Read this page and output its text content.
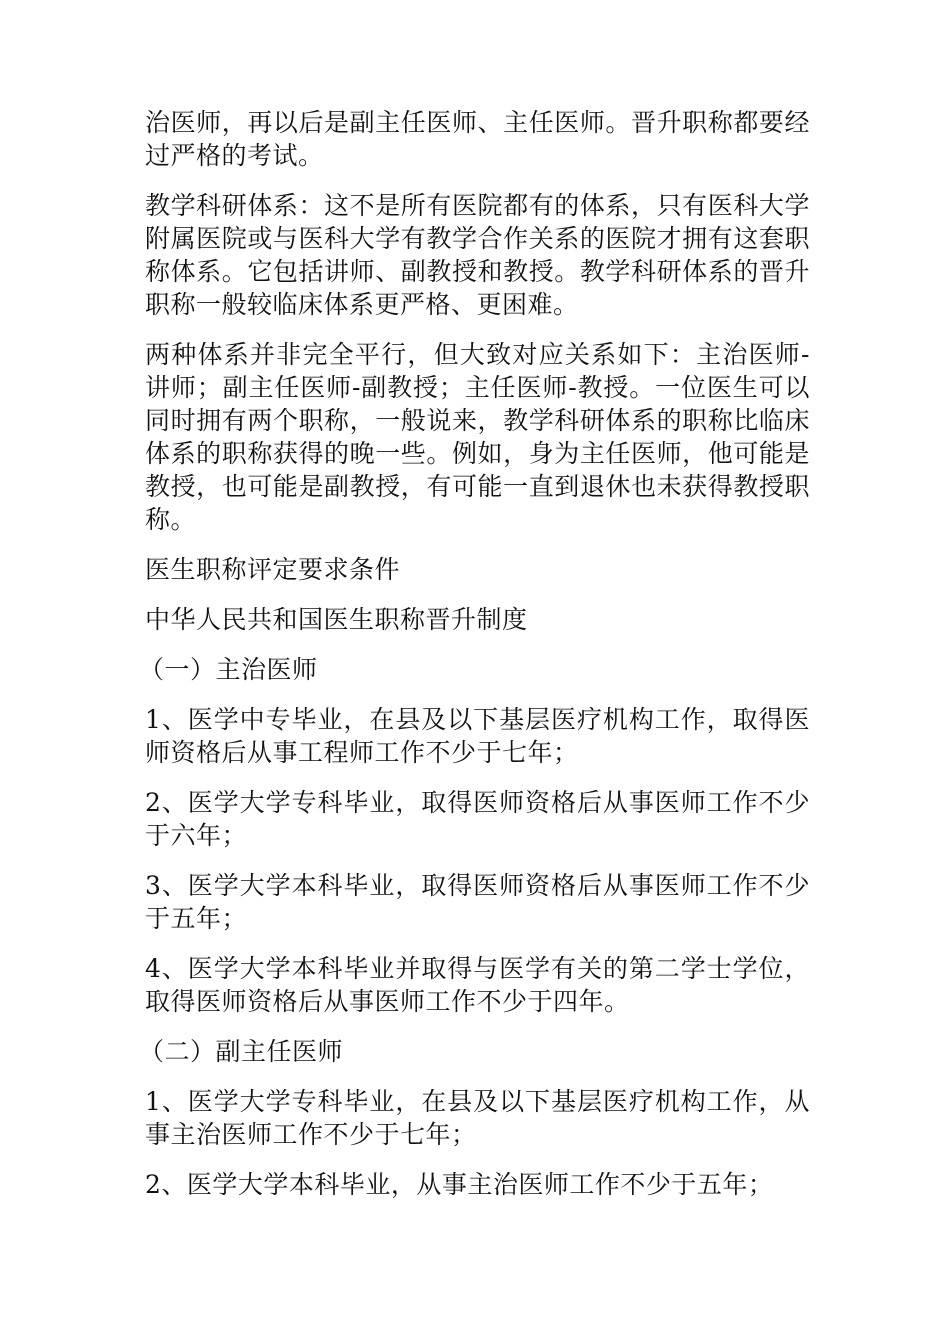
治医师，再以后是副主任医师、主任医师。晋升职称都要经过严格的考试。

教学科研体系：这不是所有医院都有的体系，只有医科大学附属医院或与医科大学有教学合作关系的医院才拥有这套职称体系。它包括讲师、副教授和教授。教学科研体系的晋升职称一般较临床体系更严格、更困难。

两种体系并非完全平行，但大致对应关系如下：主治医师-讲师；副主任医师-副教授；主任医师-教授。一位医生可以同时拥有两个职称，一般说来，教学科研体系的职称比临床体系的职称获得的晚一些。例如，身为主任医师，他可能是教授，也可能是副教授，有可能一直到退休也未获得教授职称。

医生职称评定要求条件

中华人民共和国医生职称晋升制度

（一）主治医师

1、医学中专毕业，在县及以下基层医疗机构工作，取得医师资格后从事工程师工作不少于七年；

2、医学大学专科毕业，取得医师资格后从事医师工作不少于六年；

3、医学大学本科毕业，取得医师资格后从事医师工作不少于五年；

4、医学大学本科毕业并取得与医学有关的第二学士学位，取得医师资格后从事医师工作不少于四年。

（二）副主任医师

1、医学大学专科毕业，在县及以下基层医疗机构工作，从事主治医师工作不少于七年；

2、医学大学本科毕业，从事主治医师工作不少于五年；
